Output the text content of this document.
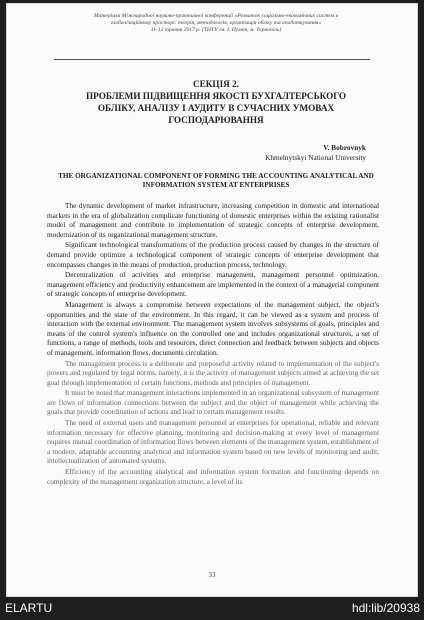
Матеріали Міжнародної науково-практичної конференції «Розвиток соціально-економічних систем в
глобалізаційному просторі: теорія, методологія, організація обліку та оподаткування»
11-12 травня 2017 р. (ТНТУ ім. І. Пулюя, м. Тернопіль)
СЕКЦІЯ 2.
ПРОБЛЕМИ ПІДВИЩЕННЯ ЯКОСТІ БУХГАЛТЕРСЬКОГО
ОБЛІКУ, АНАЛІЗУ І АУДИТУ В СУЧАСНИХ УМОВАХ
ГОСПОДАРЮВАННЯ
V. Bobrovnyk
Khmelnytskyi National University
THE ORGANIZATIONAL COMPONENT OF FORMING THE ACCOUNTING ANALYTICAL AND INFORMATION SYSTEM AT ENTERPRISES

The dynamic development of market infrastructure, increasing competition in domestic and international markets in the era of globalization complicate functioning of domestic enterprises within the existing rationalist model of management and contribute to implementation of strategic concepts of enterprise development, modernization of its organizational management structure.

Significant technological transformations of the production process caused by changes in the structure of demand provide optimize a technological component of strategic concepts of enterprise development that encompasses changes in the means of production, production process, technology.

Decentralization of activities and enterprise management, management personnel optimization, management efficiency and productivity enhancement are implemented in the context of a managerial component of strategic concepts of enterprise development.

Management is always a compromise between expectations of the management subject, the object's opportunities and the state of the environment. In this regard, it can be viewed as a system and process of interaction with the external environment. The management system involves subsystems of goals, principles and means of the control system's influence on the controlled one and includes organizational structures, a set of functions, a range of methods, tools and resources, direct connection and feedback between subjects and objects of management, information flows, documents circulation.

The management process is a deliberate and purposeful activity related to implementation of the subject's powers and regulated by legal norms, namely, it is the activity of management subjects aimed at achieving the set goal through implementation of certain functions, methods and principles of management.

It must be noted that management interactions implemented in an organizational subsystem of management are flows of information connections between the subject and the object of management while achieving the goals that provide coordination of actions and lead to certain management results.

The need of external users and management personnel at enterprises for operational, reliable and relevant information necessary for effective planning, monitoring and decision-making at every level of management requires mutual coordination of information flows between elements of the management system, establishment of a modern, adaptable accounting analytical and information system based on new levels of monitoring and audit, intellectualization of automated systems.

Efficiency of the accounting analytical and information system formation and functioning depends on complexity of the management organization structure, a level of its

33
ELARTU	hdl:lib/20938
